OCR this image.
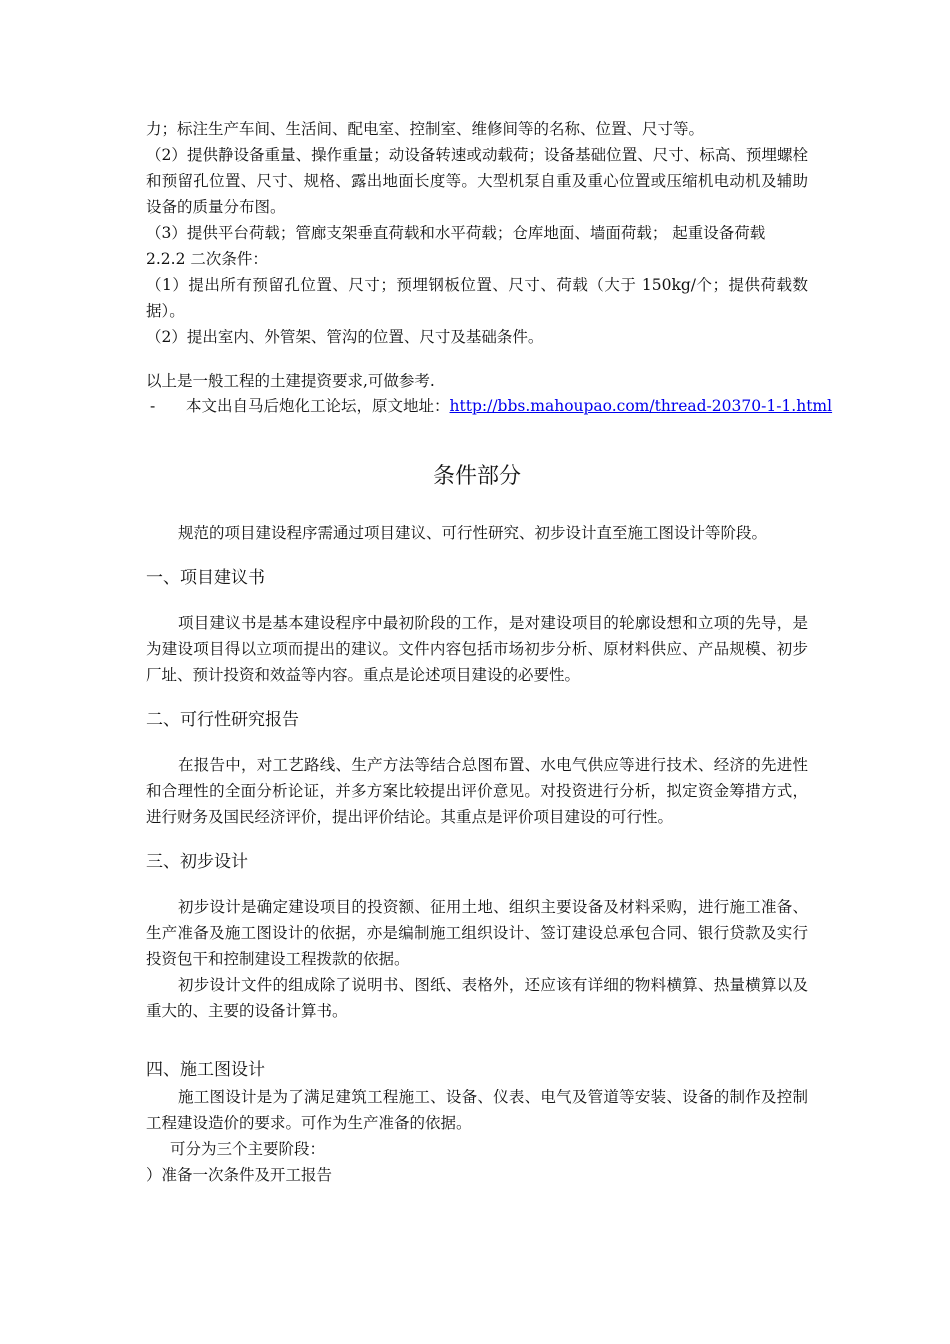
力；标注生产车间、生活间、配电室、控制室、维修间等的名称、位置、尺寸等。

（2）提供静设备重量、操作重量；动设备转速或动载荷；设备基础位置、尺寸、标高、预埋螺栓和预留孔位置、尺寸、规格、露出地面长度等。大型机泵自重及重心位置或压缩机电动机及辅助设备的质量分布图。

（3）提供平台荷载；管廊支架垂直荷载和水平荷载；仓库地面、墙面荷载； 起重设备荷载

2.2.2 二次条件：

（1）提出所有预留孔位置、尺寸；预埋钢板位置、尺寸、荷载（大于 150kg/个；提供荷载数据）。

（2）提出室内、外管架、管沟的位置、尺寸及基础条件。

以上是一般工程的土建提资要求,可做参考.

- 本文出自马后炮化工论坛，原文地址：http://bbs.mahoupao.com/thread-20370-1-1.html
条件部分

规范的项目建设程序需通过项目建议、可行性研究、初步设计直至施工图设计等阶段。

一、项目建议书

项目建议书是基本建设程序中最初阶段的工作，是对建设项目的轮廓设想和立项的先导，是为建设项目得以立项而提出的建议。文件内容包括市场初步分析、原材料供应、产品规模、初步厂址、预计投资和效益等内容。重点是论述项目建设的必要性。

二、可行性研究报告

在报告中，对工艺路线、生产方法等结合总图布置、水电气供应等进行技术、经济的先进性和合理性的全面分析论证，并多方案比较提出评价意见。对投资进行分析，拟定资金筹措方式，进行财务及国民经济评价，提出评价结论。其重点是评价项目建设的可行性。

三、初步设计

初步设计是确定建设项目的投资额、征用土地、组织主要设备及材料采购，进行施工准备、生产准备及施工图设计的依据，亦是编制施工组织设计、签订建设总承包合同、银行贷款及实行投资包干和控制建设工程拨款的依据。

初步设计文件的组成除了说明书、图纸、表格外，还应该有详细的物料横算、热量横算以及重大的、主要的设备计算书。

四、施工图设计

施工图设计是为了满足建筑工程施工、设备、仪表、电气及管道等安装、设备的制作及控制工程建设造价的要求。可作为生产准备的依据。

可分为三个主要阶段：

）准备一次条件及开工报告
